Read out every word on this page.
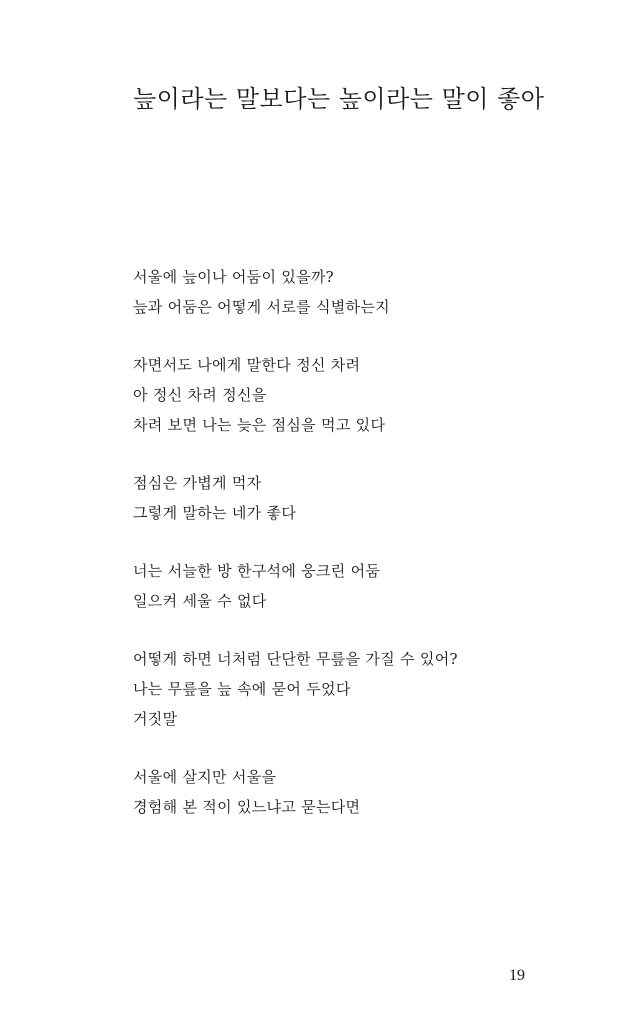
늪이라는 말보다는 높이라는 말이 좋아
서울에 늪이나 어둠이 있을까?
늪과 어둠은 어떻게 서로를 식별하는지
자면서도 나에게 말한다 정신 차려
아 정신 차려 정신을
차려 보면 나는 늦은 점심을 먹고 있다
점심은 가볍게 먹자
그렇게 말하는 네가 좋다
너는 서늘한 방 한구석에 웅크린 어둠
일으켜 세울 수 없다
어떻게 하면 너처럼 단단한 무릎을 가질 수 있어?
나는 무릎을 늪 속에 묻어 두었다
거짓말
서울에 살지만 서울을
경험해 본 적이 있느냐고 묻는다면
19
